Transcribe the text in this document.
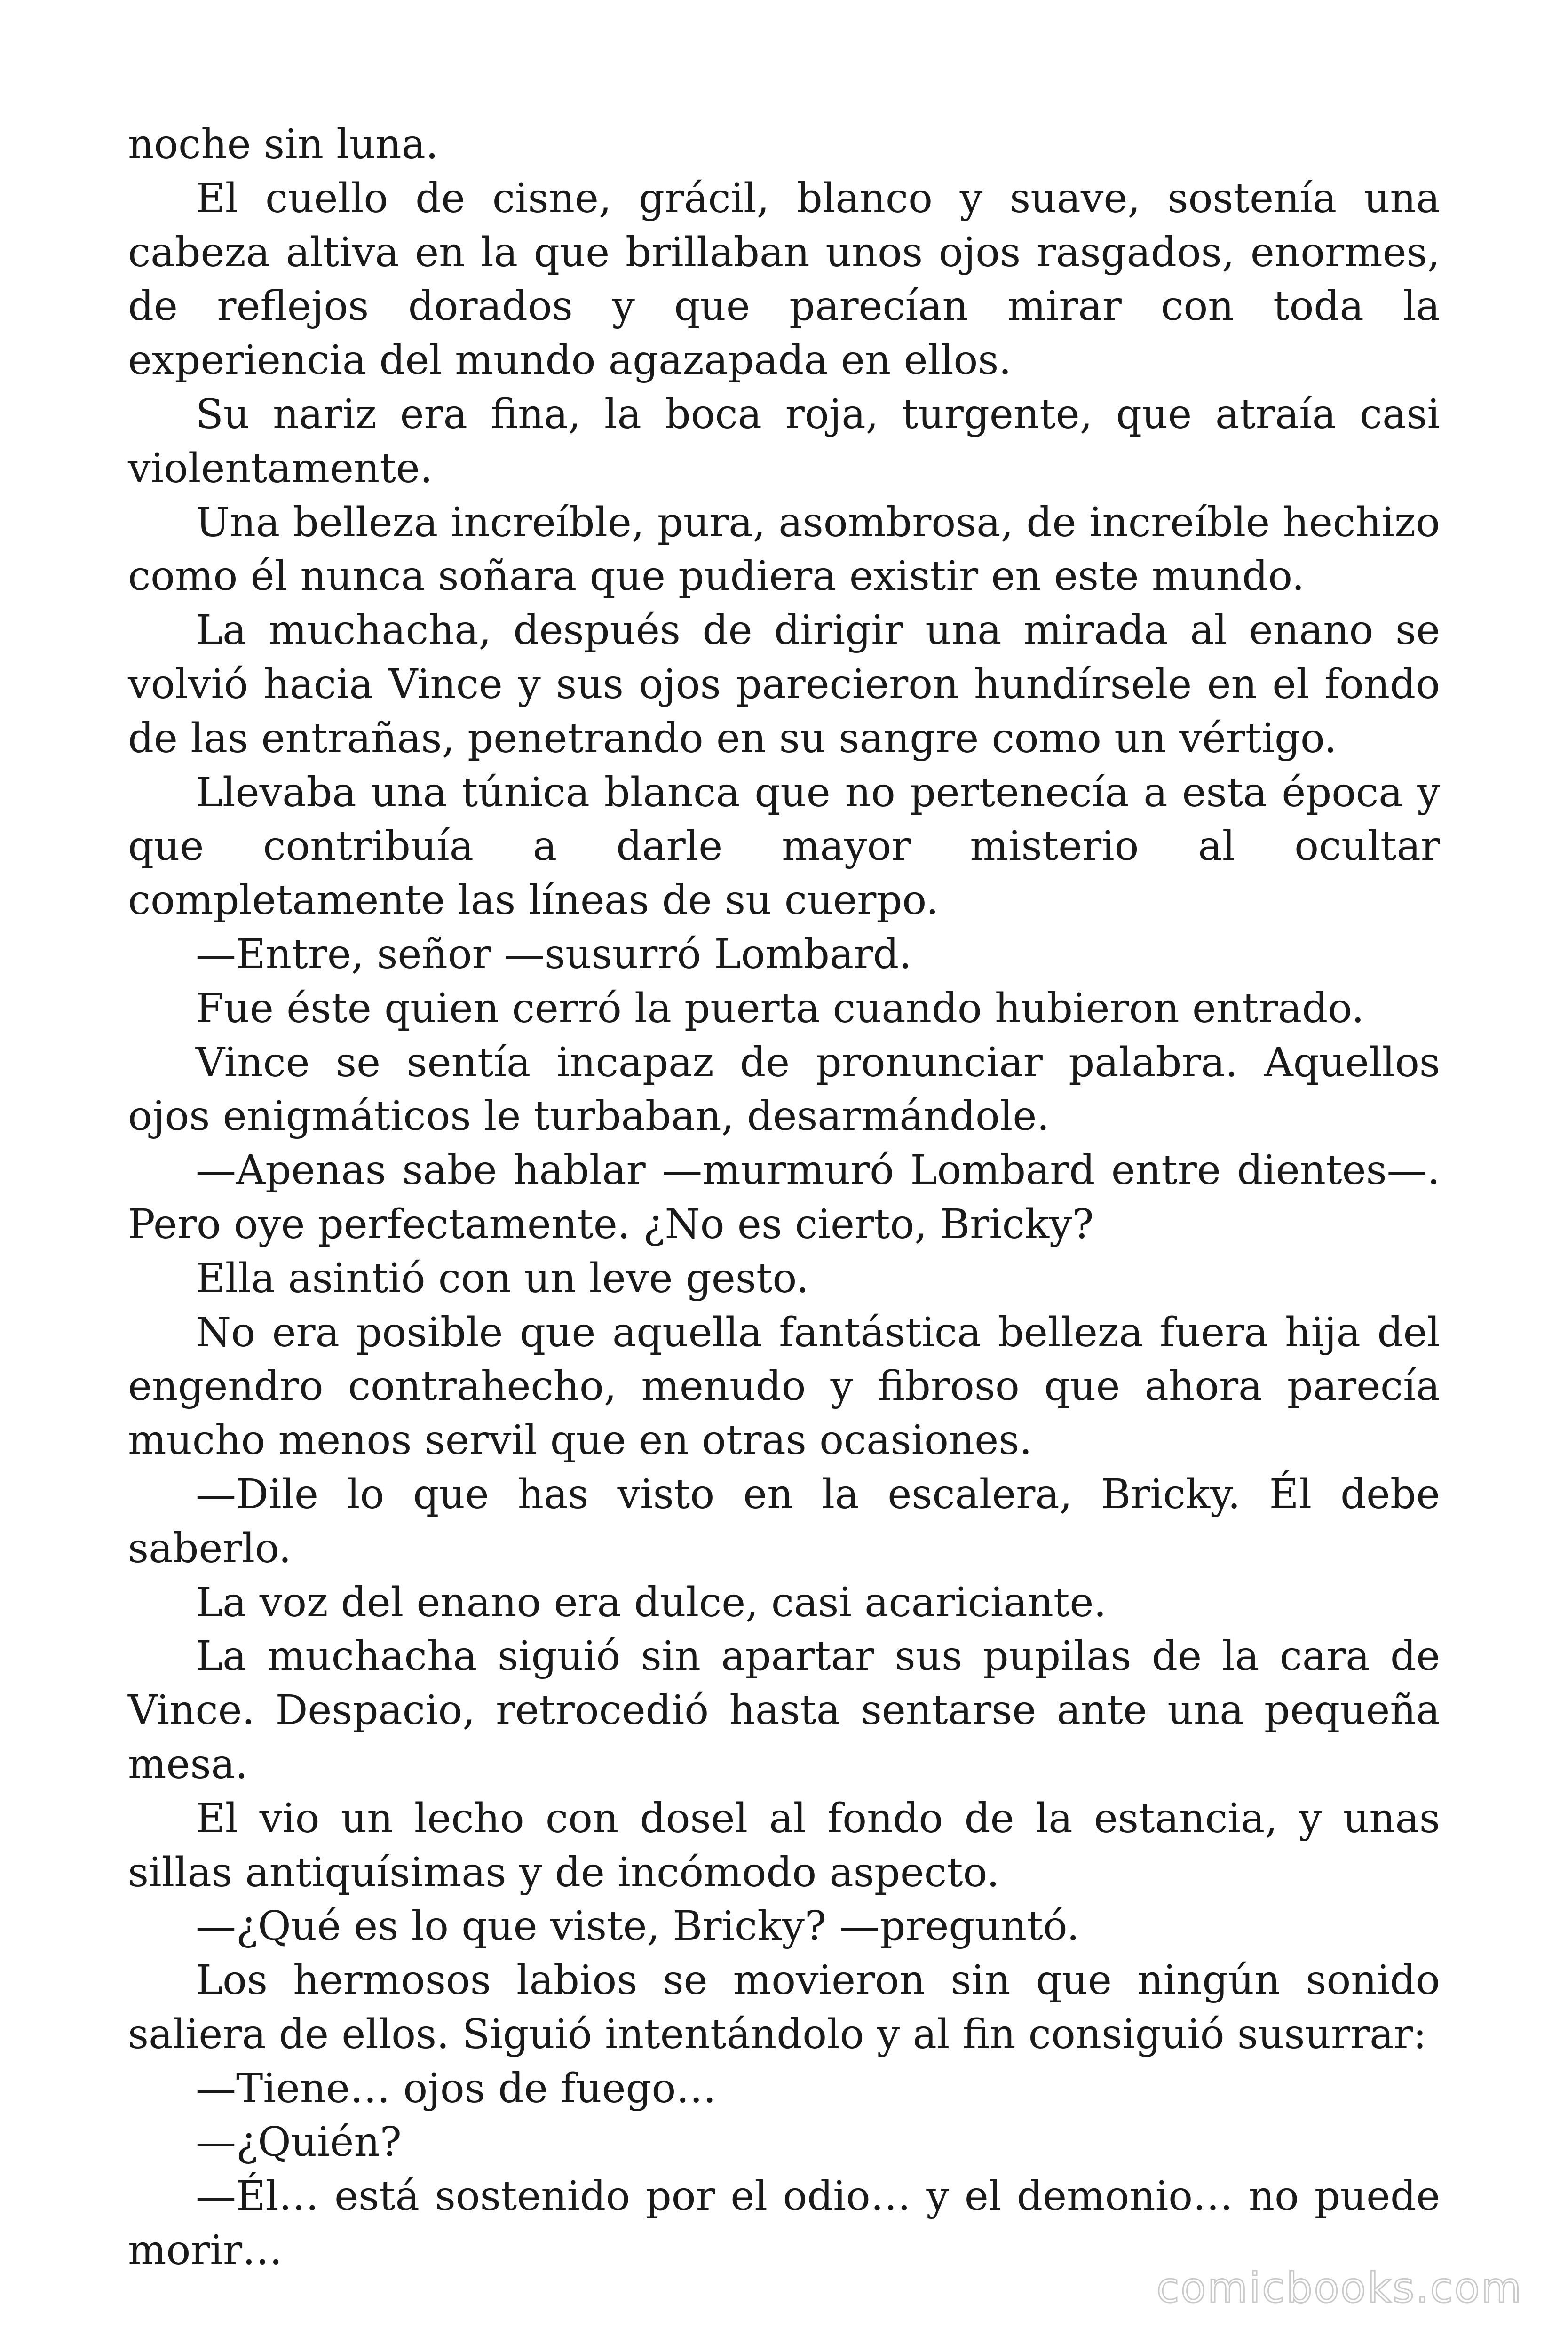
noche sin luna.

El cuello de cisne, grácil, blanco y suave, sostenía una cabeza altiva en la que brillaban unos ojos rasgados, enormes, de reflejos dorados y que parecían mirar con toda la experiencia del mundo agazapada en ellos.

Su nariz era fina, la boca roja, turgente, que atraía casi violentamente.

Una belleza increíble, pura, asombrosa, de increíble hechizo como él nunca soñara que pudiera existir en este mundo.

La muchacha, después de dirigir una mirada al enano se volvió hacia Vince y sus ojos parecieron hundírsele en el fondo de las entrañas, penetrando en su sangre como un vértigo.

Llevaba una túnica blanca que no pertenecía a esta época y que contribuía a darle mayor misterio al ocultar completamente las líneas de su cuerpo.

—Entre, señor —susurró Lombard.

Fue éste quien cerró la puerta cuando hubieron entrado.

Vince se sentía incapaz de pronunciar palabra. Aquellos ojos enigmáticos le turbaban, desarmándole.

—Apenas sabe hablar —murmuró Lombard entre dientes—. Pero oye perfectamente. ¿No es cierto, Bricky?

Ella asintió con un leve gesto.

No era posible que aquella fantástica belleza fuera hija del engendro contrahecho, menudo y fibroso que ahora parecía mucho menos servil que en otras ocasiones.

—Dile lo que has visto en la escalera, Bricky. Él debe saberlo.

La voz del enano era dulce, casi acariciante.

La muchacha siguió sin apartar sus pupilas de la cara de Vince. Despacio, retrocedió hasta sentarse ante una pequeña mesa.

El vio un lecho con dosel al fondo de la estancia, y unas sillas antiquísimas y de incómodo aspecto.

—¿Qué es lo que viste, Bricky? —preguntó.

Los hermosos labios se movieron sin que ningún sonido saliera de ellos. Siguió intentándolo y al fin consiguió susurrar:

—Tiene… ojos de fuego…

—¿Quién?

—Él… está sostenido por el odio… y el demonio… no puede morir…

comicbooks.com
